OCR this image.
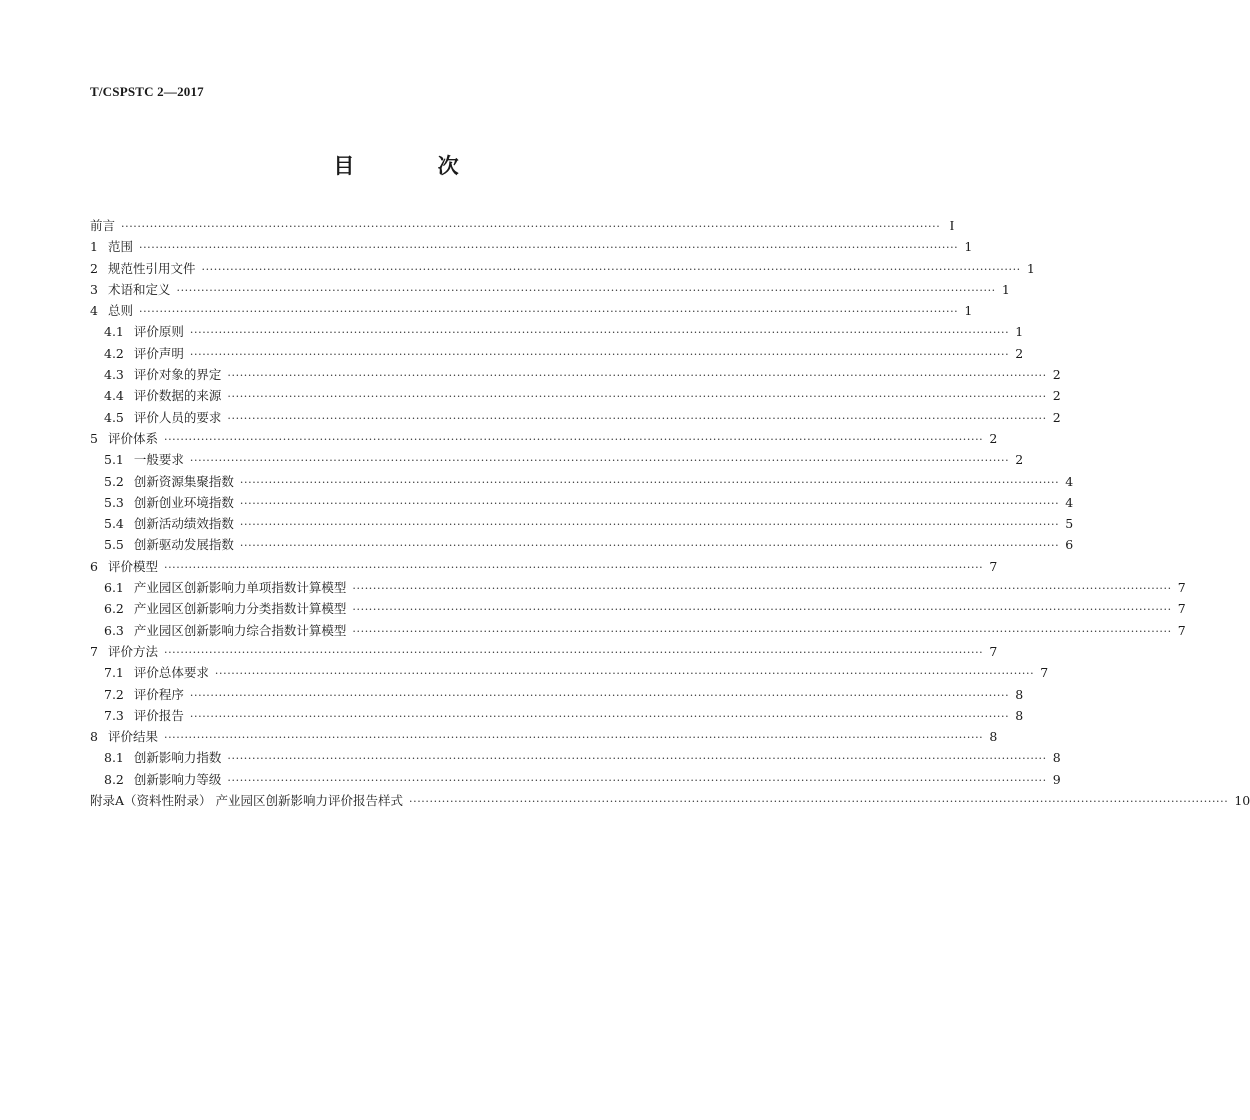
T/CSPSTC 2—2017
目 次
前言 ········································································································································································································ I
1 范围 ········································································································································································································ 1
2 规范性引用文件 ········································································································································································································ 1
3 术语和定义 ········································································································································································································ 1
4 总则 ········································································································································································································ 1
4.1 评价原则 ········································································································································································································ 1
4.2 评价声明 ········································································································································································································ 2
4.3 评价对象的界定 ········································································································································································································ 2
4.4 评价数据的来源 ········································································································································································································ 2
4.5 评价人员的要求 ········································································································································································································ 2
5 评价体系 ········································································································································································································ 2
5.1 一般要求 ········································································································································································································ 2
5.2 创新资源集聚指数 ········································································································································································································ 4
5.3 创新创业环境指数 ········································································································································································································ 4
5.4 创新活动绩效指数 ········································································································································································································ 5
5.5 创新驱动发展指数 ········································································································································································································ 6
6 评价模型 ········································································································································································································ 7
6.1 产业园区创新影响力单项指数计算模型 ········································································································································································································ 7
6.2 产业园区创新影响力分类指数计算模型 ········································································································································································································ 7
6.3 产业园区创新影响力综合指数计算模型 ········································································································································································································ 7
7 评价方法 ········································································································································································································ 7
7.1 评价总体要求 ········································································································································································································ 7
7.2 评价程序 ········································································································································································································ 8
7.3 评价报告 ········································································································································································································ 8
8 评价结果 ········································································································································································································ 8
8.1 创新影响力指数 ········································································································································································································ 8
8.2 创新影响力等级 ········································································································································································································ 9
附录A（资料性附录） 产业园区创新影响力评价报告样式 ········································································································································································································ 10
